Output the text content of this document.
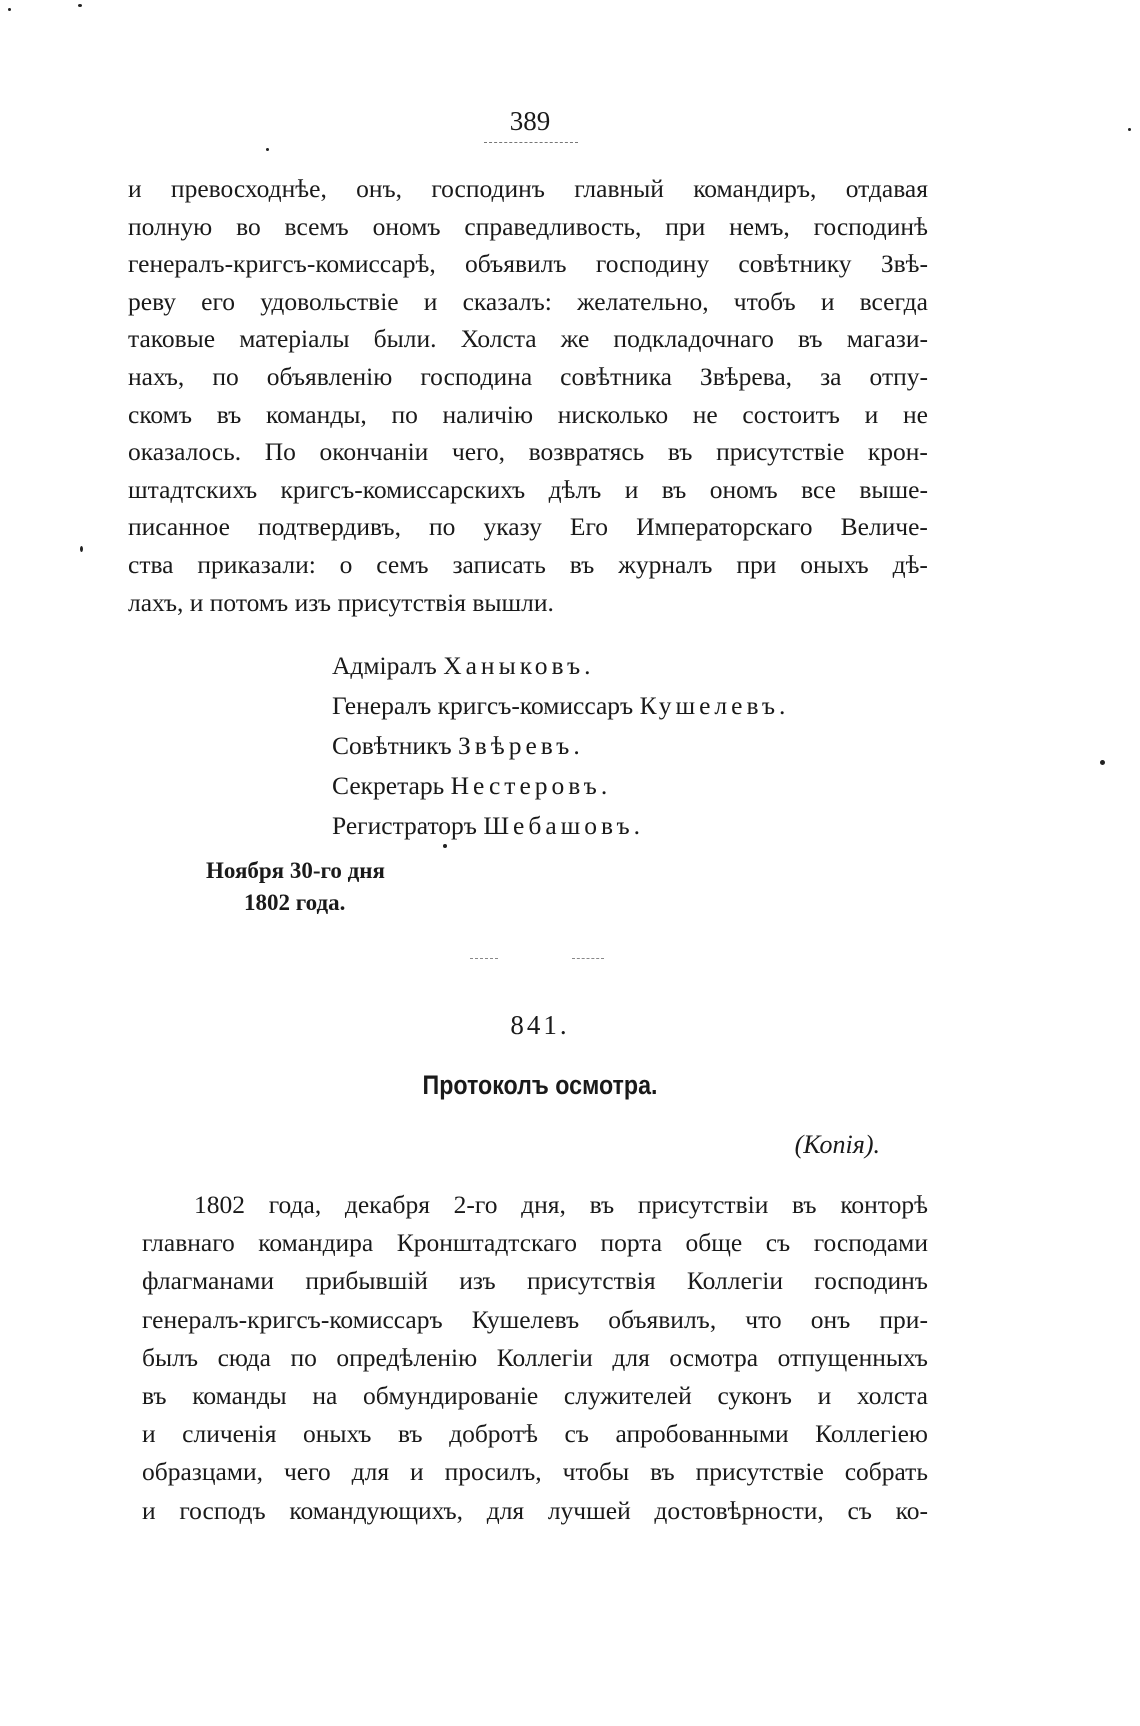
389
и превосходнѣе, онъ, господинъ главный командиръ, отдавая
полную во всемъ ономъ справедливость, при немъ, господинѣ
генералъ-кригсъ-комиссарѣ, объявилъ господину совѣтнику Звѣ-
реву его удовольствіе и сказалъ: желательно, чтобъ и всегда
таковые матеріалы были. Холста же подкладочнаго въ магази-
нахъ, по объявленію господина совѣтника Звѣрева, за отпу-
скомъ въ команды, по наличію нисколько не состоитъ и не
оказалось. По окончаніи чего, возвратясь въ присутствіе крон-
штадтскихъ кригсъ-комиссарскихъ дѣлъ и въ ономъ все выше-
писанное подтвердивъ, по указу Его Императорскаго Величе-
ства приказали: о семъ записать въ журналъ при оныхъ дѣ-
лахъ, и потомъ изъ присутствія вышли.
Адміралъ Ханыковъ.
Генералъ кригсъ-комиссаръ Кушелевъ.
Совѣтникъ Звѣревъ.
Секретарь Нестеровъ.
Регистраторъ Шебашовъ.
Ноября 30-го дня
1802 года.
841.
Протоколъ осмотра.
(Копія).
1802 года, декабря 2-го дня, въ присутствіи въ конторѣ
главнаго командира Кронштадтскаго порта обще съ господами
флагманами прибывшій изъ присутствія Коллегіи господинъ
генералъ-кригсъ-комиссаръ Кушелевъ объявилъ, что онъ при-
былъ сюда по опредѣленію Коллегіи для осмотра отпущенныхъ
въ команды на обмундированіе служителей суконъ и холста
и сличенія оныхъ въ добротѣ съ апробованными Коллегіею
образцами, чего для и просилъ, чтобы въ присутствіе собрать
и господъ командующихъ, для лучшей достовѣрности, съ ко-
